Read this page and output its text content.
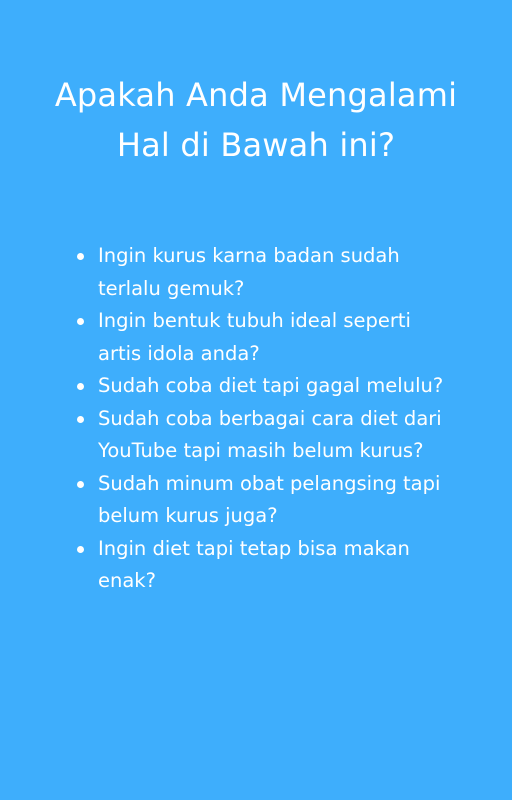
Apakah Anda Mengalami
Hal di Bawah ini?
Ingin kurus karna badan sudah terlalu gemuk?
Ingin bentuk tubuh ideal seperti artis idola anda?
Sudah coba diet tapi gagal melulu?
Sudah coba berbagai cara diet dari YouTube tapi masih belum kurus?
Sudah minum obat pelangsing tapi belum kurus juga?
Ingin diet tapi tetap bisa makan enak?
